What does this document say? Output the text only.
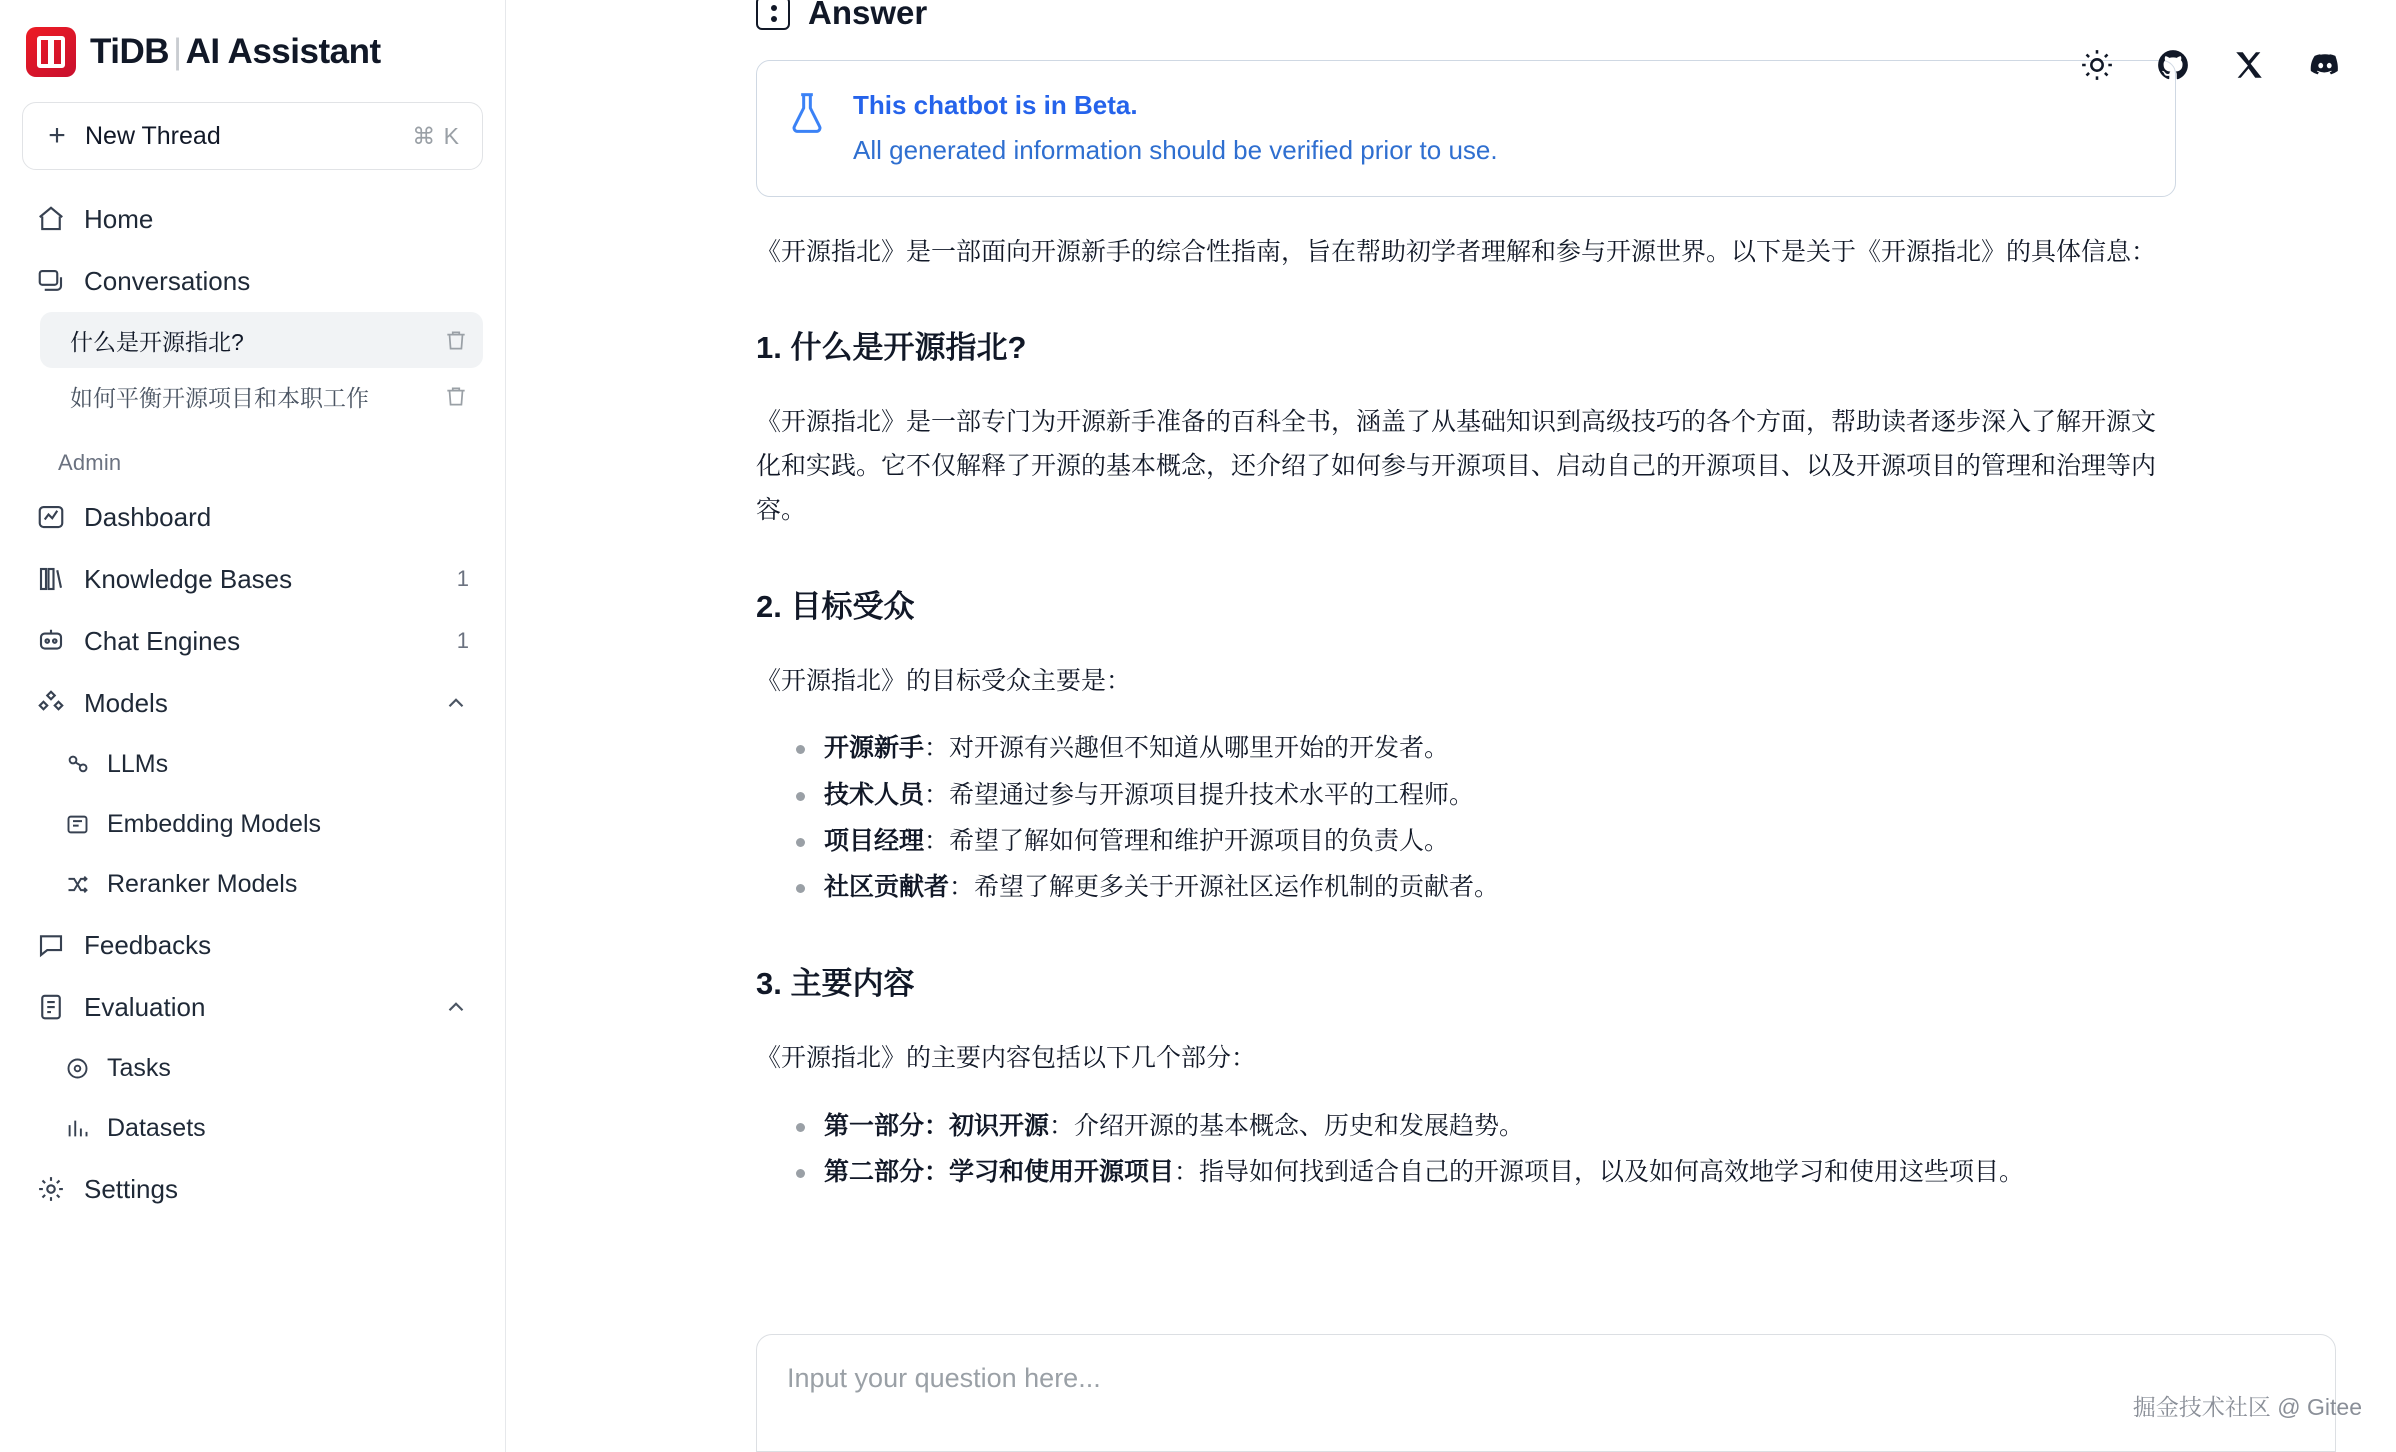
TiDB | AI Assistant
+ New Thread	⌘ K
Home
Conversations
什么是开源指北?
如何平衡开源项目和本职工作
Admin
Dashboard
Knowledge Bases	1
Chat Engines	1
Models
LLMs
Embedding Models
Reranker Models
Feedbacks
Evaluation
Tasks
Datasets
Settings
Answer
This chatbot is in Beta.
All generated information should be verified prior to use.

《开源指北》是一部面向开源新手的综合性指南，旨在帮助初学者理解和参与开源世界。以下是关于《开源指北》的具体信息：

1. 什么是开源指北?

《开源指北》是一部专门为开源新手准备的百科全书，涵盖了从基础知识到高级技巧的各个方面，帮助读者逐步深入了解开源文化和实践。它不仅解释了开源的基本概念，还介绍了如何参与开源项目、启动自己的开源项目、以及开源项目的管理和治理等内容。

2. 目标受众

《开源指北》的目标受众主要是：

开源新手：对开源有兴趣但不知道从哪里开始的开发者。
技术人员：希望通过参与开源项目提升技术水平的工程师。
项目经理：希望了解如何管理和维护开源项目的负责人。
社区贡献者：希望了解更多关于开源社区运作机制的贡献者。
3. 主要内容

《开源指北》的主要内容包括以下几个部分：

第一部分：初识开源：介绍开源的基本概念、历史和发展趋势。
第二部分：学习和使用开源项目：指导如何找到适合自己的开源项目，以及如何高效地学习和使用这些项目。
Input your question here...
掘金技术社区 @ Gitee
